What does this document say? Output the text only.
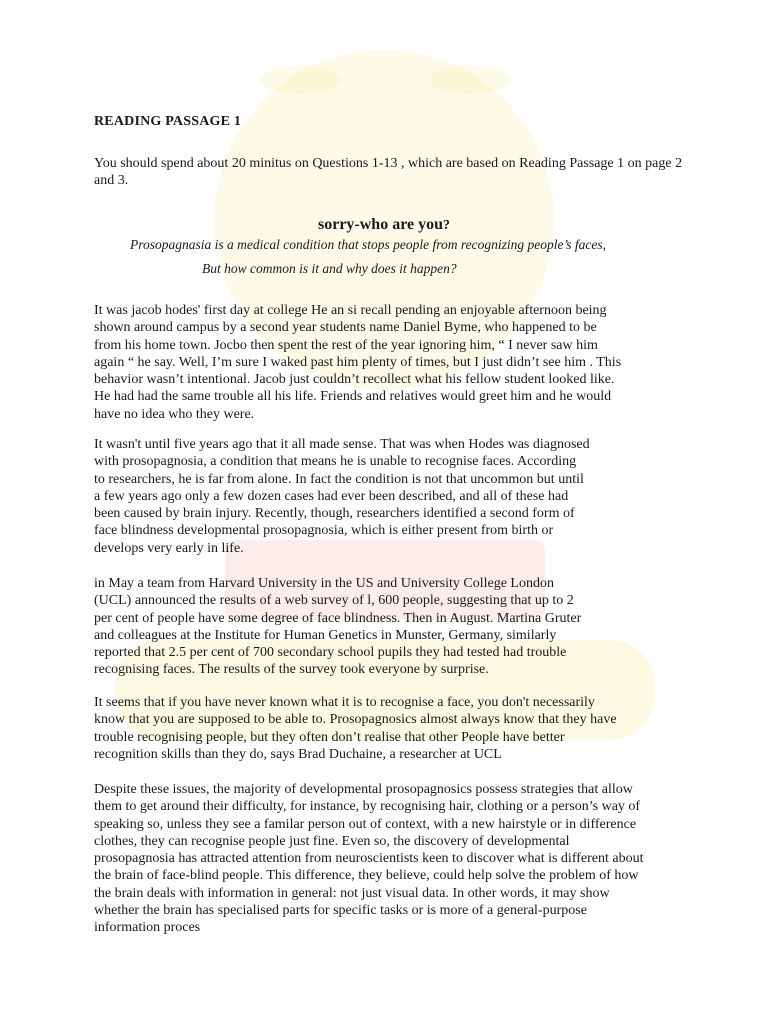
READING PASSAGE 1
You should spend about 20 minitus on Questions 1-13 , which are based on Reading Passage 1 on page 2 and 3.
sorry-who are you?
Prosopagnasia is a medical condition that stops people from recognizing people’s faces,
But how common is it and why does it happen?
It was jacob hodes' first day at college He an si recall pending an enjoyable afternoon being shown around campus by a second year students name Daniel Byme, who happened to be from his home town. Jocbo then spent the rest of the year ignoring him, “ I never saw him again “ he say. Well, I’m sure I waked past him plenty of times, but I just didn’t see him . This behavior wasn’t intentional. Jacob just couldn’t recollect what his fellow student looked like. He had had the same trouble all his life. Friends and relatives would greet him and he would have no idea who they were.
It wasn't until five years ago that it all made sense. That was when Hodes was diagnosed with prosopagnosia, a condition that means he is unable to recognise faces. According to researchers, he is far from alone. In fact the condition is not that uncommon but until a few years ago only a few dozen cases had ever been described, and all of these had been caused by brain injury. Recently, though, researchers identified a second form of face blindness developmental prosopagnosia, which is either present from birth or develops very early in life.
in May a team from Harvard University in the US and University College London (UCL) announced the results of a web survey of l, 600 people, suggesting that up to 2 per cent of people have some degree of face blindness. Then in August. Martina Gruter and colleagues at the Institute for Human Genetics in Munster, Germany, similarly reported that 2.5 per cent of 700 secondary school pupils they had tested had trouble recognising faces. The results of the survey took everyone by surprise.
It seems that if you have never known what it is to recognise a face, you don't necessarily know that you are supposed to be able to. Prosopagnosics almost always know that they have trouble recognising people, but they often don’t realise that other People have better recognition skills than they do, says Brad Duchaine, a researcher at UCL
Despite these issues, the majority of developmental prosopagnosics possess strategies that allow them to get around their difficulty, for instance, by recognising hair, clothing or a person’s way of speaking so, unless they see a familar person out of context, with a new hairstyle or in difference clothes, they can recognise people just fine. Even so, the discovery of developmental prosopagnosia has attracted attention from neuroscientists keen to discover what is different about the brain of face-blind people. This difference, they believe, could help solve the problem of how the brain deals with information in general: not just visual data. In other words, it may show whether the brain has specialised parts for specific tasks or is more of a general-purpose information proces
